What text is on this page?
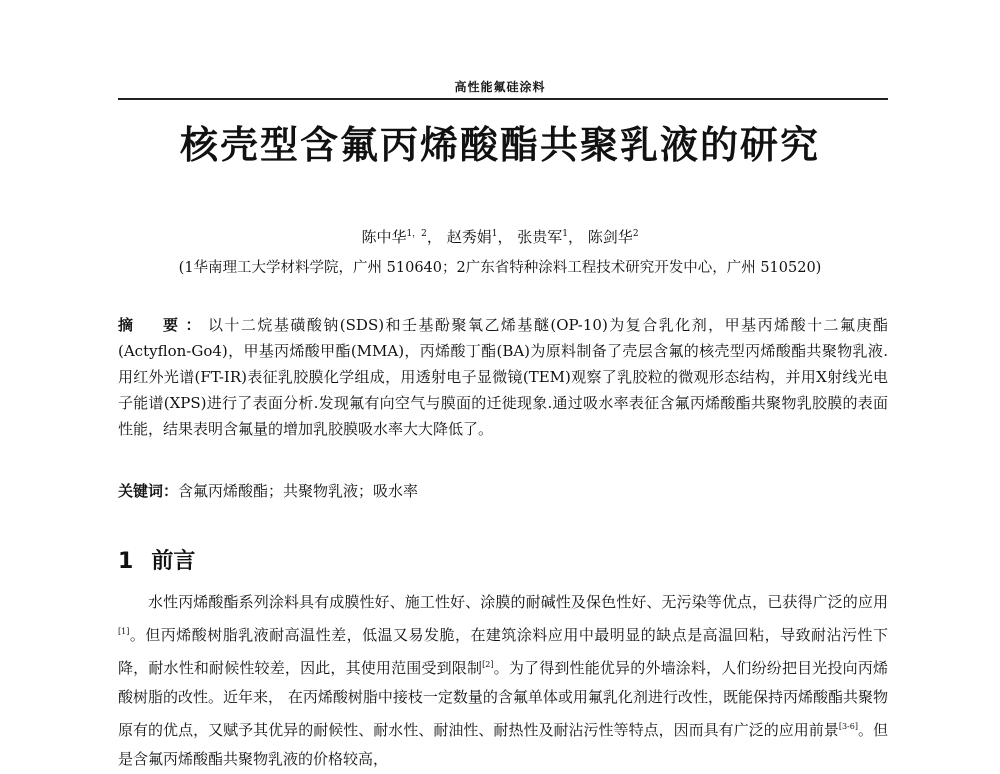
高性能氟硅涂料
核壳型含氟丙烯酸酯共聚乳液的研究
陈中华$^{1,2}$， 赵秀娟$^1$， 张贵军$^1$， 陈剑华$^2$
(1华南理工大学材料学院，广州 510640；2广东省特种涂料工程技术研究开发中心，广州 510520)
摘　要：以十二烷基磺酸钠(SDS)和壬基酚聚氧乙烯基醚(OP-10)为复合乳化剂，甲基丙烯酸十二氟庚酯(Actyflon-Go4)，甲基丙烯酸甲酯(MMA)，丙烯酸丁酯(BA)为原料制备了壳层含氟的核壳型丙烯酸酯共聚物乳液.用红外光谱(FT-IR)表征乳胶膜化学组成，用透射电子显微镜(TEM)观察了乳胶粒的微观形态结构，并用X射线光电子能谱(XPS)进行了表面分析.发现氟有向空气与膜面的迁徙现象.通过吸水率表征含氟丙烯酸酯共聚物乳胶膜的表面性能，结果表明含氟量的增加乳胶膜吸水率大大降低了。
关键词：含氟丙烯酸酯；共聚物乳液；吸水率
1 前言
水性丙烯酸酯系列涂料具有成膜性好、施工性好、涂膜的耐碱性及保色性好、无污染等优点，已获得广泛的应用[1]。但丙烯酸树脂乳液耐高温性差，低温又易发脆，在建筑涂料应用中最明显的缺点是高温回粘，导致耐沾污性下降，耐水性和耐候性较差，因此，其使用范围受到限制[2]。为了得到性能优异的外墙涂料，人们纷纷把目光投向丙烯酸树脂的改性。近年来， 在丙烯酸树脂中接枝一定数量的含氟单体或用氟乳化剂进行改性，既能保持丙烯酸酯共聚物原有的优点，又赋予其优异的耐候性、耐水性、耐油性、耐热性及耐沾污性等特点，因而具有广泛的应用前景[3-6]。但是含氟丙烯酸酯共聚物乳液的价格较高，
